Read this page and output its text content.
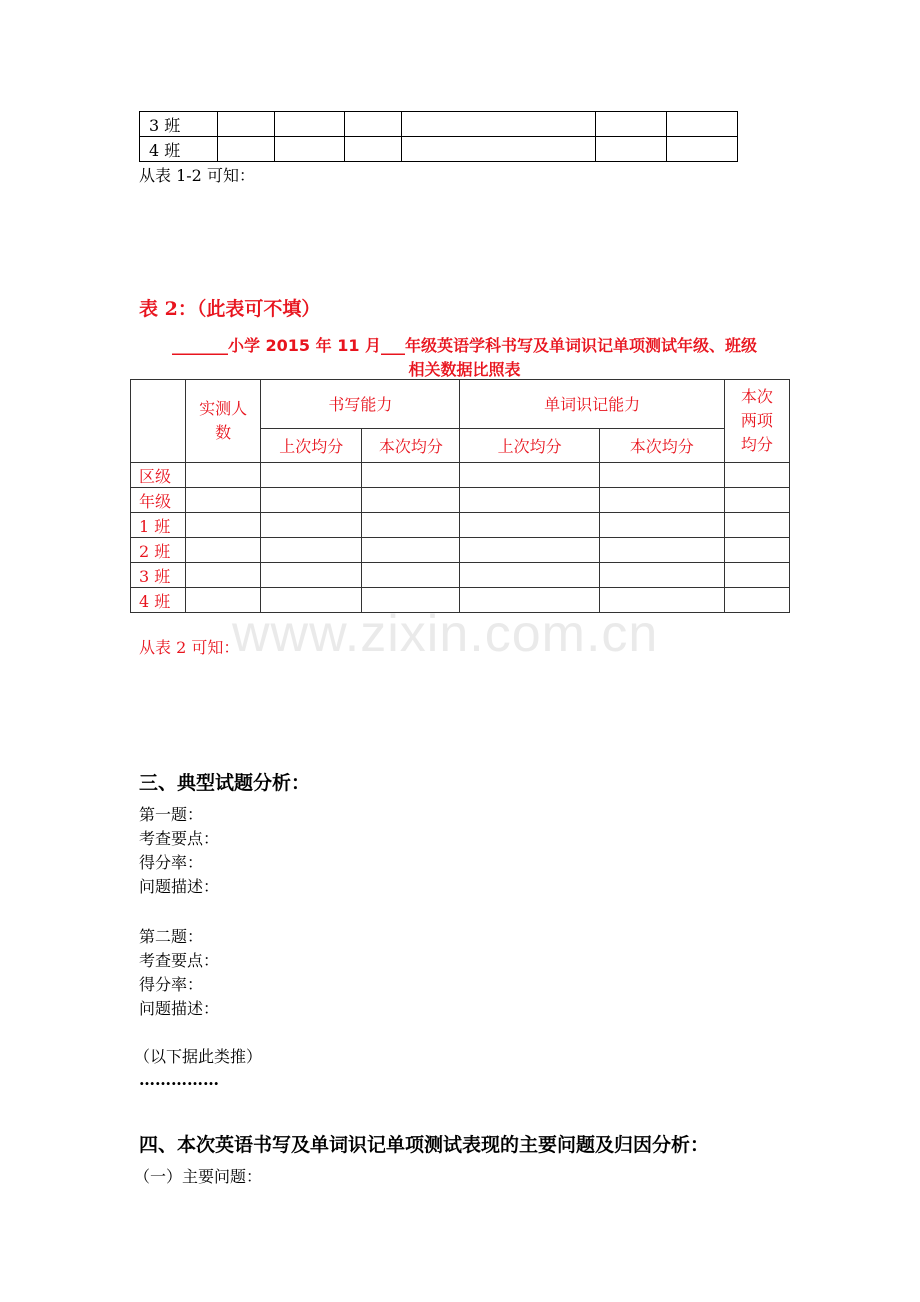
3 班						
4 班						
从表 1-2 可知：
表 2：（此表可不填）
_______小学 2015 年 11 月___年级英语学科书写及单词识记单项测试年级、班级
相关数据比照表

	实测人数	书写能力		单词识记能力		本次两项均分

		上次均分	本次均分	上次均分	本次均分	
区级						
年级						
1 班						
2 班						
3 班						
4 班						
从表 2 可知：
www.zixin.com.cn
三、典型试题分析：
第一题：
考查要点：
得分率：
问题描述：
第二题：
考查要点：
得分率：
问题描述：
（以下据此类推）
……………
四、本次英语书写及单词识记单项测试表现的主要问题及归因分析：
（一）主要问题：
